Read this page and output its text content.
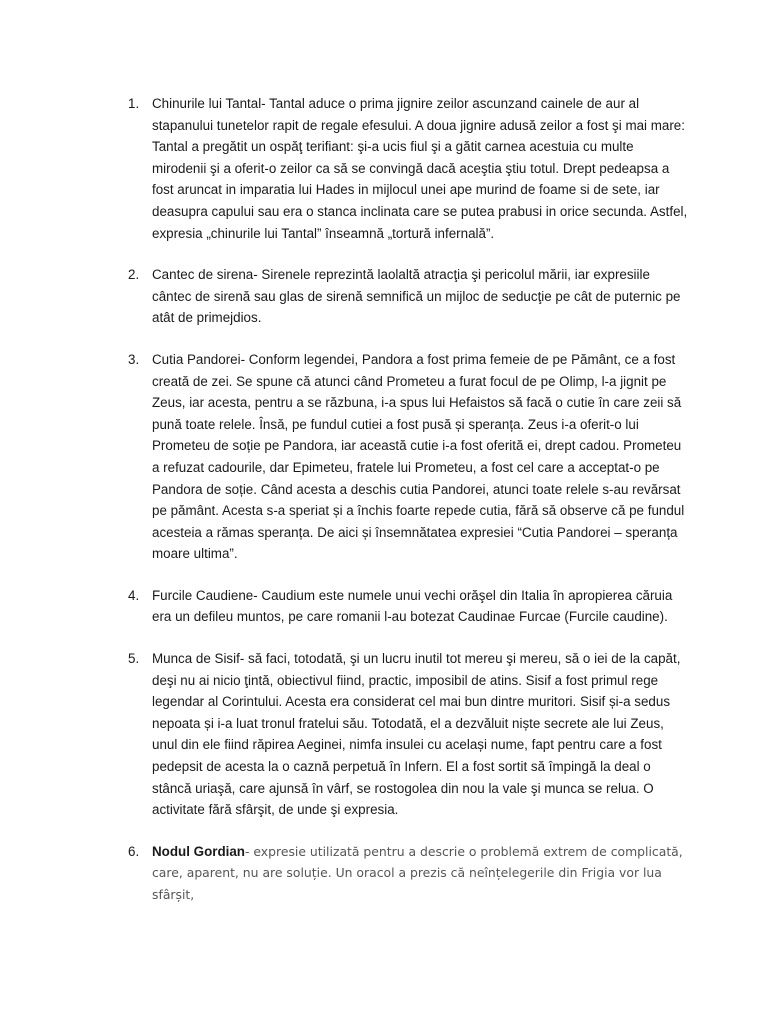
1. Chinurile lui Tantal- Tantal aduce o prima jignire zeilor ascunzand cainele de aur al stapanului tunetelor rapit de regale efesului. A doua jignire adusă zeilor a fost şi mai mare: Tantal a pregătit un ospăţ terifiant: şi-a ucis fiul şi a gătit carnea acestuia cu multe mirodenii şi a oferit-o zeilor ca să se convingă dacă aceştia ştiu totul. Drept pedeapsa a fost aruncat in imparatia lui Hades in mijlocul unei ape murind de foame si de sete, iar deasupra capului sau era o stanca inclinata care se putea prabusi in orice secunda. Astfel, expresia „chinurile lui Tantal” înseamnă „tortură infernală”.
2. Cantec de sirena- Sirenele reprezintă laolaltă atracţia şi pericolul mării, iar expresiile cântec de sirenă sau glas de sirenă semnifică un mijloc de seducţie pe cât de puternic pe atât de primejdios.
3. Cutia Pandorei- Conform legendei, Pandora a fost prima femeie de pe Pământ, ce a fost creată de zei. Se spune că atunci când Prometeu a furat focul de pe Olimp, l-a jignit pe Zeus, iar acesta, pentru a se răzbuna, i-a spus lui Hefaistos să facă o cutie în care zeii să pună toate relele. Însă, pe fundul cutiei a fost pusă și speranța. Zeus i-a oferit-o lui Prometeu de soție pe Pandora, iar această cutie i-a fost oferită ei, drept cadou. Prometeu a refuzat cadourile, dar Epimeteu, fratele lui Prometeu, a fost cel care a acceptat-o pe Pandora de soție. Când acesta a deschis cutia Pandorei, atunci toate relele s-au revărsat pe pământ. Acesta s-a speriat și a închis foarte repede cutia, fără să observe că pe fundul acesteia a rămas speranța. De aici și însemnătatea expresiei “Cutia Pandorei – speranța moare ultima”.
4. Furcile Caudiene- Caudium este numele unui vechi orăşel din Italia în apropierea căruia era un defileu muntos, pe care romanii l-au botezat Caudinae Furcae (Furcile caudine).
5. Munca de Sisif- să faci, totodată, şi un lucru inutil tot mereu şi mereu, să o iei de la capăt, deşi nu ai nicio ţintă, obiectivul fiind, practic, imposibil de atins. Sisif a fost primul rege legendar al Corintului. Acesta era considerat cel mai bun dintre muritori. Sisif și-a sedus nepoata și i-a luat tronul fratelui său. Totodată, el a dezvăluit niște secrete ale lui Zeus, unul din ele fiind răpirea Aeginei, nimfa insulei cu același nume, fapt pentru care a fost pedepsit de acesta la o caznă perpetuă în Infern. El a fost sortit să împingă la deal o stâncă uriaşă, care ajunsă în vârf, se rostogolea din nou la vale şi munca se relua. O activitate fără sfârşit, de unde şi expresia.
6. Nodul Gordian- expresie utilizată pentru a descrie o problemă extrem de complicată, care, aparent, nu are soluție. Un oracol a prezis că neînțelegerile din Frigia vor lua sfârșit,
